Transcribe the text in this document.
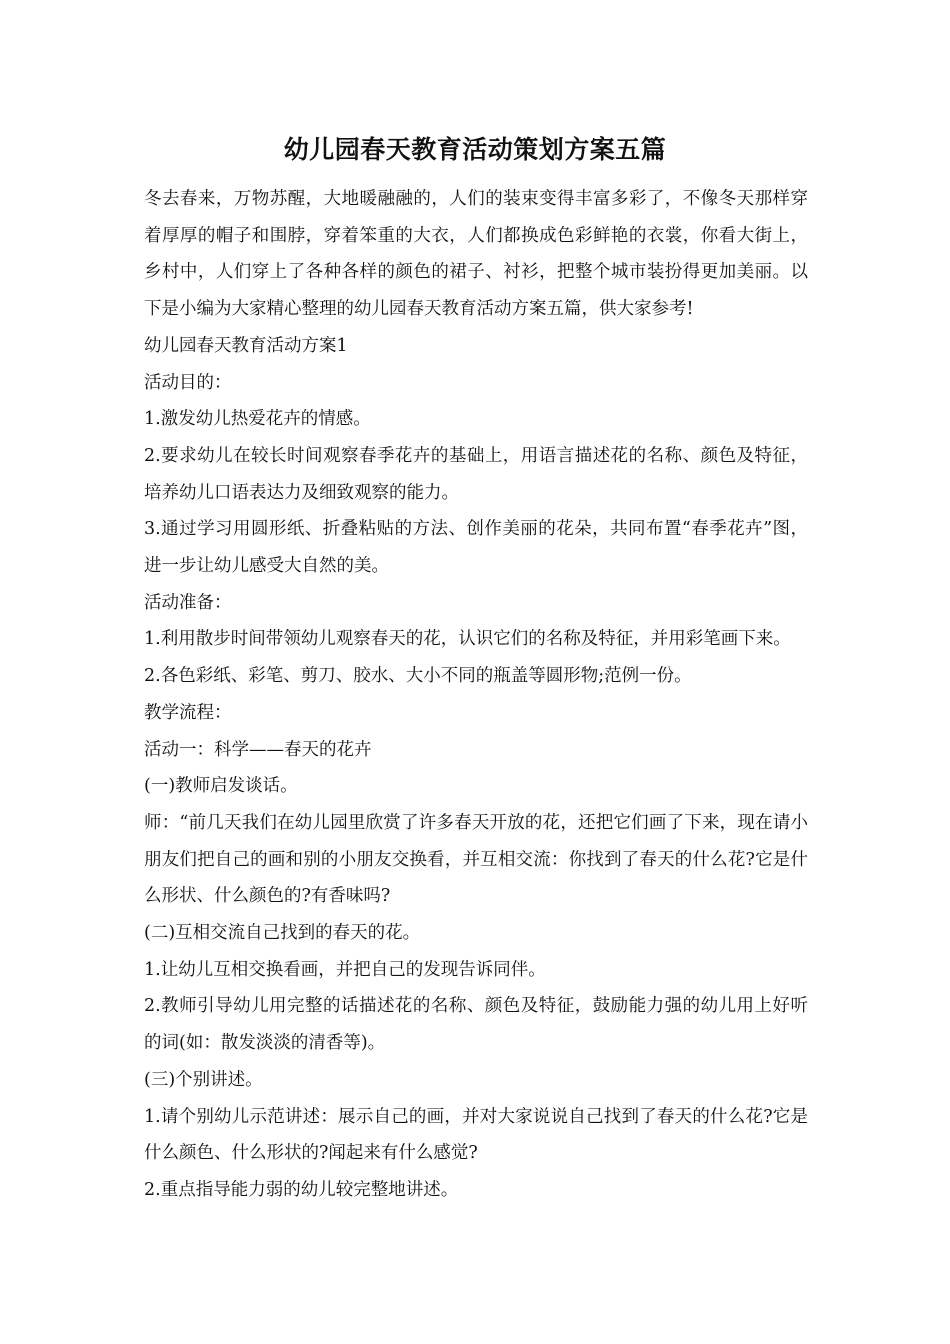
幼儿园春天教育活动策划方案五篇

冬去春来，万物苏醒，大地暖融融的，人们的装束变得丰富多彩了，不像冬天那样穿着厚厚的帽子和围脖，穿着笨重的大衣，人们都换成色彩鲜艳的衣裳，你看大街上，乡村中，人们穿上了各种各样的颜色的裙子、衬衫，把整个城市装扮得更加美丽。以下是小编为大家精心整理的幼儿园春天教育活动方案五篇，供大家参考!

幼儿园春天教育活动方案1

活动目的：

1.激发幼儿热爱花卉的情感。

2.要求幼儿在较长时间观察春季花卉的基础上，用语言描述花的名称、颜色及特征，培养幼儿口语表达力及细致观察的能力。

3.通过学习用圆形纸、折叠粘贴的方法、创作美丽的花朵，共同布置“春季花卉”图，进一步让幼儿感受大自然的美。

活动准备：

1.利用散步时间带领幼儿观察春天的花，认识它们的名称及特征，并用彩笔画下来。

2.各色彩纸、彩笔、剪刀、胶水、大小不同的瓶盖等圆形物;范例一份。

教学流程：

活动一：科学——春天的花卉

(一)教师启发谈话。

师：“前几天我们在幼儿园里欣赏了许多春天开放的花，还把它们画了下来，现在请小朋友们把自己的画和别的小朋友交换看，并互相交流：你找到了春天的什么花?它是什么形状、什么颜色的?有香味吗?

(二)互相交流自己找到的春天的花。

1.让幼儿互相交换看画，并把自己的发现告诉同伴。

2.教师引导幼儿用完整的话描述花的名称、颜色及特征，鼓励能力强的幼儿用上好听的词(如：散发淡淡的清香等)。

(三)个别讲述。

1.请个别幼儿示范讲述：展示自己的画，并对大家说说自己找到了春天的什么花?它是什么颜色、什么形状的?闻起来有什么感觉?

2.重点指导能力弱的幼儿较完整地讲述。
